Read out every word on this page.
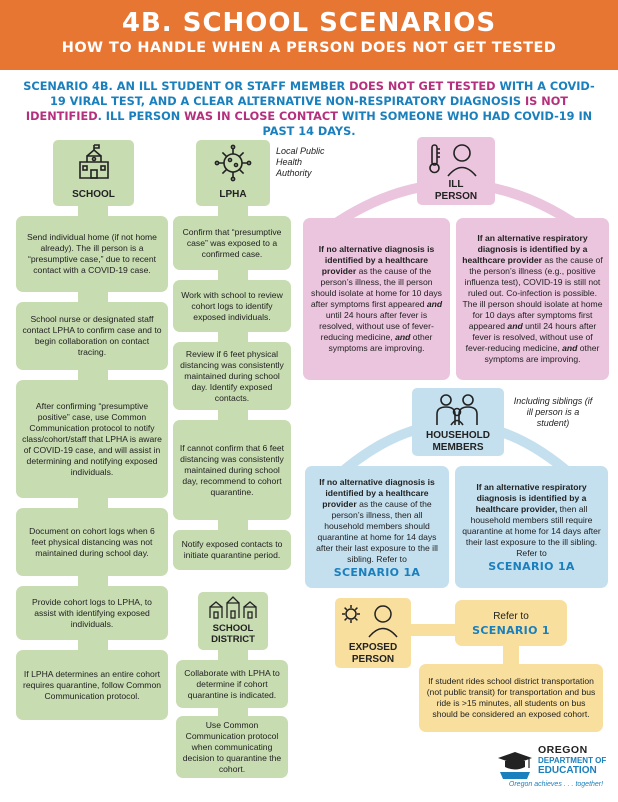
4B. SCHOOL SCENARIOS
HOW TO HANDLE WHEN A PERSON DOES NOT GET TESTED
SCENARIO 4B. AN ILL STUDENT OR STAFF MEMBER DOES NOT GET TESTED WITH A COVID-19 VIRAL TEST, AND A CLEAR ALTERNATIVE NON-RESPIRATORY DIAGNOSIS IS NOT IDENTIFIED. ILL PERSON WAS IN CLOSE CONTACT WITH SOMEONE WHO HAD COVID-19 IN PAST 14 DAYS.
SCHOOL
Send individual home (if not home already). The ill person is a “presumptive case,” due to recent contact with a COVID-19 case.
School nurse or designated staff contact LPHA to confirm case and to begin collaboration on contact tracing.
After confirming “presumptive positive” case, use Common Communication protocol to notify class/cohort/staff that LPHA is aware of COVID-19 case, and will assist in determining and notifying exposed individuals.
Document on cohort logs when 6 feet physical distancing was not maintained during school day.
Provide cohort logs to LPHA, to assist with identifying exposed individuals.
If LPHA determines an entire cohort requires quarantine, follow Common Communication protocol.
LPHA
Local Public Health Authority
Confirm that “presumptive case” was exposed to a confirmed case.
Work with school to review cohort logs to identify exposed individuals.
Review if 6 feet physical distancing was consistently maintained during school day. Identify exposed contacts.
If cannot confirm that 6 feet distancing was consistently maintained during school day, recommend to cohort quarantine.
Notify exposed contacts to initiate quarantine period.
SCHOOL
DISTRICT
Collaborate with LPHA to determine if cohort quarantine is indicated.
Use Common Communication protocol when communicating decision to quarantine the cohort.
ILL
PERSON
If no alternative diagnosis is identified by a healthcare provider as the cause of the person’s illness, the ill person should isolate at home for 10 days after symptoms first appeared and until 24 hours after fever is resolved, without use of fever-reducing medicine, and other symptoms are improving.
If an alternative respiratory diagnosis is identified by a healthcare provider as the cause of the person’s illness (e.g., positive influenza test), COVID-19 is still not ruled out. Co-infection is possible. The ill person should isolate at home for 10 days after symptoms first appeared and until 24 hours after fever is resolved, without use of fever-reducing medicine, and other symptoms are improving.
HOUSEHOLD
MEMBERS
Including siblings (if ill person is a student)
If no alternative diagnosis is identified by a healthcare provider as the cause of the person’s illness, then all household members should quarantine at home for 14 days after their last exposure to the ill sibling. Refer to
SCENARIO 1A
If an alternative respiratory diagnosis is identified by a healthcare provider, then all household members still require quarantine at home for 14 days after their last exposure to the ill sibling. Refer to
SCENARIO 1A
EXPOSED
PERSON
Refer to
SCENARIO 1
If student rides school district transportation (not public transit) for transportation and bus ride is >15 minutes, all students on bus should be considered an exposed cohort.
OREGON
DEPARTMENT OF
EDUCATION
Oregon achieves . . . together!
